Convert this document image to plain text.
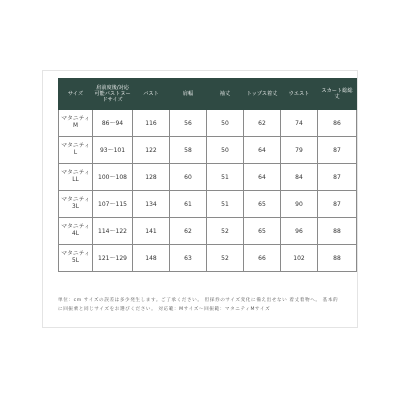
サイズ	肩前度後/対応可能バストヌードサイズ	バスト	肩幅	袖丈	トップス着丈	ウエスト	スカート総総丈
マタニティM	86〜94	116	56	50	62	74	86
マタニティL	93〜101	122	58	50	64	79	87
マタニティLL	100〜108	128	60	51	64	84	87
マタニティ3L	107〜115	134	61	51	65	90	87
マタニティ4L	114〜122	141	62	52	65	96	88
マタニティ5L	121〜129	148	63	52	66	102	88
単位：cm サイズの誤差は多少発生します。ご了承ください。 但採券のサイズ変化に備え出せない 着丈着物へ。 基本的
に回振乗と同じサイズをお選びください。 対応範：Mサイズ〜回振範：マタニティMサイズ
